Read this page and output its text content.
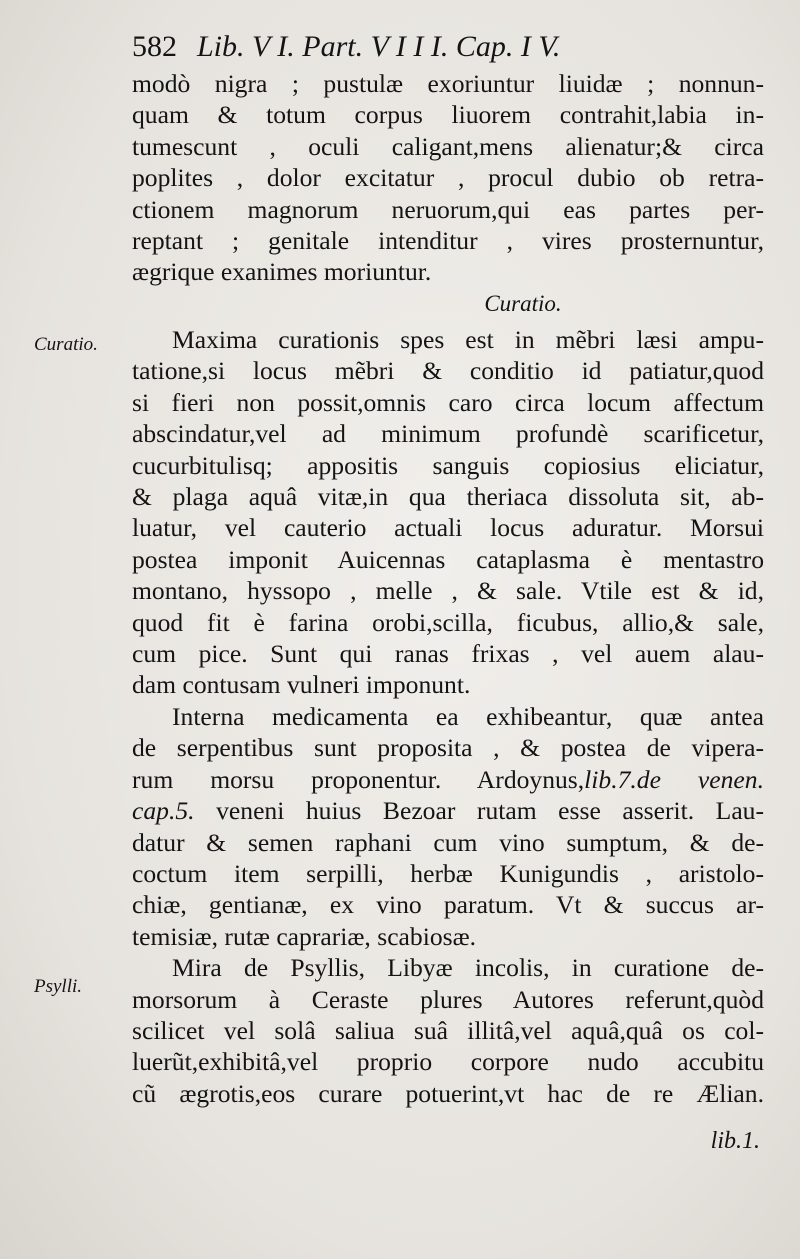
582 Lib. V I. Part. V I I I. Cap. I V.
modò nigra ; pustulæ exoriuntur liuidæ ; nonnun-
quam & totum corpus liuorem contrahit,labia in-
tumescunt , oculi caligant,mens alienatur;& circa
poplites , dolor excitatur , procul dubio ob retra-
ctionem magnorum neruorum,qui eas partes per-
reptant ; genitale intenditur , vires prosternuntur,
ægrique exanimes moriuntur.
Curatio.
Curatio.	Maxima curationis spes est in mẽbri læsi ampu-
tatione,si locus mẽbri & conditio id patiatur,quod
si fieri non possit,omnis caro circa locum affectum
abscindatur,vel ad minimum profundè scarificetur,
cucurbitulisq; appositis sanguis copiosius eliciatur,
& plaga aquâ vitæ,in qua theriaca dissoluta sit, ab-
luatur, vel cauterio actuali locus aduratur. Morsui
postea imponit Auicennas cataplasma è mentastro
montano, hyssopo , melle , & sale. Vtile est & id,
quod fit è farina orobi,scilla, ficubus, allio,& sale,
cum pice. Sunt qui ranas frixas , vel auem alau-
dam contusam vulneri imponunt.
Interna medicamenta ea exhibeantur, quæ antea
de serpentibus sunt proposita , & postea de vipera-
rum morsu proponentur. Ardoynus,lib.7.de venen.
cap.5. veneni huius Bezoar rutam esse asserit. Lau-
datur & semen raphani cum vino sumptum, & de-
coctum item serpilli, herbæ Kunigundis , aristolo-
chiæ, gentianæ, ex vino paratum. Vt & succus ar-
temisiæ, rutæ caprariæ, scabiosæ.
Mira de Psyllis, Libyæ incolis, in curatione de-
morsorum à Ceraste plures Autores referunt,quòd
scilicet vel solâ saliua suâ illitâ,vel aquâ,quâ os col-
luerũt,exhibitâ,vel proprio corpore nudo accubitu
cũ ægrotis,eos curare potuerint,vt hac de re Ælian.
Psylli.
lib.1.
